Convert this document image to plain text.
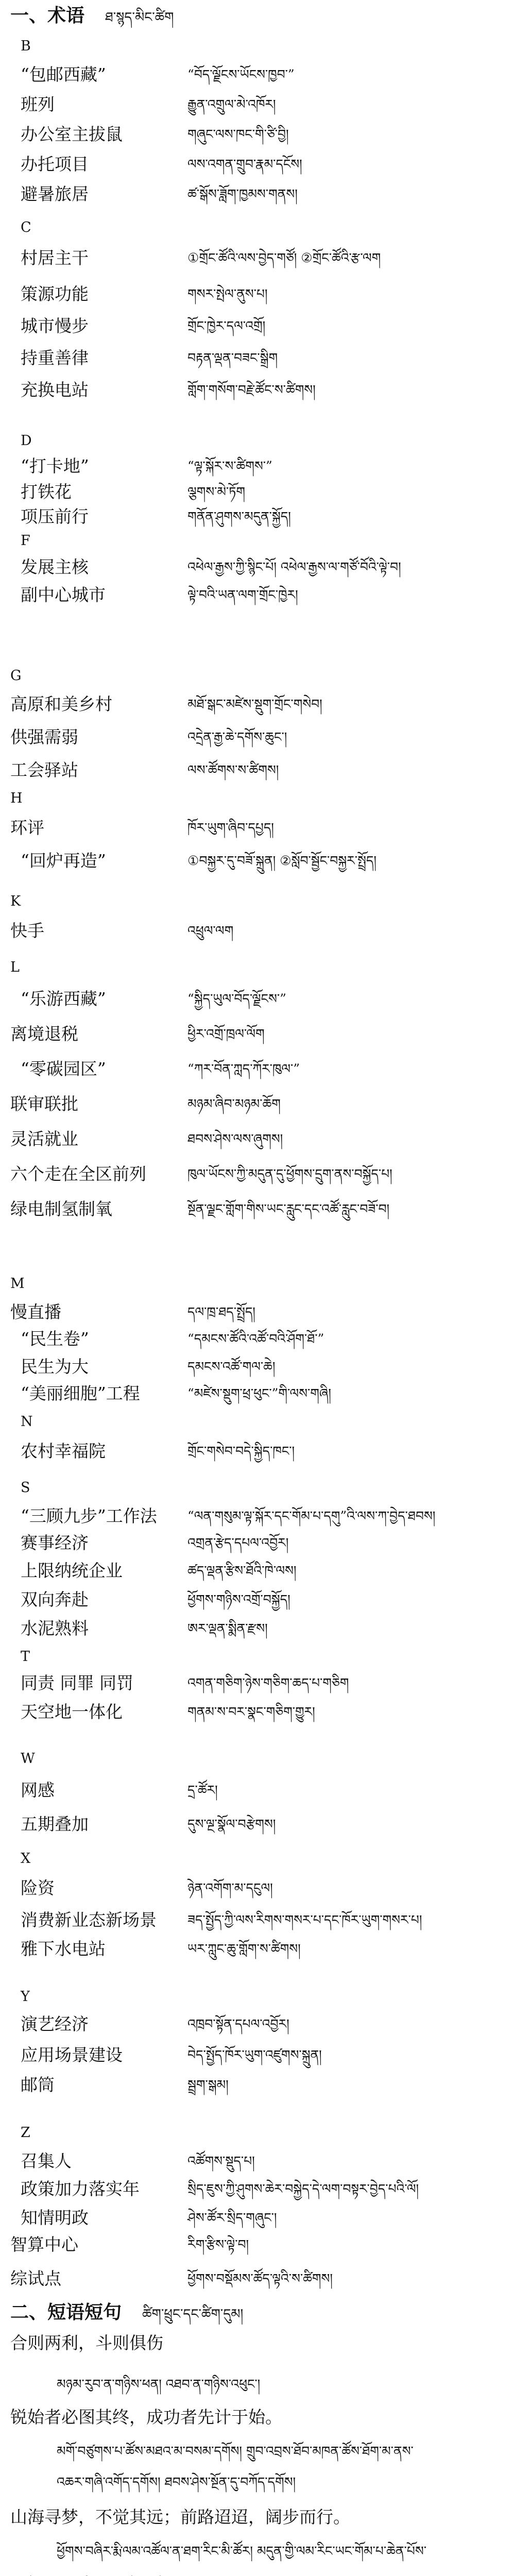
一、术语 ཐ་སྙད་མིང་ཚིག
B
C
D
F
G
H
K
L
M
N
S
T
W
X
Y
Z
“包邮西藏”	“བོད་ལྗོངས་ཡོངས་ཁྱབ་”
班列	རྒྱུན་འགྲུལ་མེ་འཁོར།
办公室主拔鼠	གཞུང་ལས་ཁང་གི་ཙི་བྱི།
办托项目	ལས་འགན་གྲུབ་རྣམ་དངོས།
避暑旅居	ཚ་སྒོས་ཟློག་ཁྱམས་གནས།
村居主干	①གྲོང་ཚོའི་ལས་བྱེད་གཙོ། ②གྲོང་ཚོའི་རྩ་ལག
策源功能	གསར་སྤེལ་ནུས་པ།
城市慢步	གྲོང་ཁྱེར་དལ་འགྲོ།
持重善律	བརྟན་ལྡན་བཟང་སྒྲིག
充换电站	གློག་གསོག་བརྗེ་ཚོང་ས་ཚིགས།
“打卡地”	“ལྟ་སྐོར་ས་ཚིགས་”
打铁花	ལྕགས་མེ་ཏོག
项压前行	གནོན་ཤུགས་མདུན་སྐྱོད།
发展主核	འཕེལ་རྒྱས་ཀྱི་སྙིང་པོ། འཕེལ་རྒྱས་ལ་གཙོ་བོའི་ལྟེ་བ།
副中心城市	ལྟེ་བའི་ཡན་ལག་གྲོང་ཁྱེར།
高原和美乡村	མཐོ་སྒང་མཛེས་སྡུག་གྲོང་གསེབ།
供强需弱	འདྲེན་རྒྱ་ཆེ་དགོས་ཆུང་།
工会驿站	ལས་ཚོགས་ས་ཚིགས།
环评	ཁོར་ཡུག་ཞིབ་དཔྱད།
“回炉再造”	①བསྐྱར་དུ་བཟོ་སྐྲུན། ②སློབ་སྦྱོང་བསྐྱར་སྤྲོད།
快手	འཕྲུལ་ལག
“乐游西藏”	“སྐྱིད་ཡུལ་བོད་ལྗོངས་”
离境退税	ཕྱིར་འགྲོ་ཁྲལ་ལོག
“零碳园区”	“ཀར་བོན་ཀླད་ཀོར་ཁུལ་”
联审联批	མཉམ་ཞིབ་མཉམ་ཆོག
灵活就业	ཐབས་ཤེས་ལས་ཞུགས།
六个走在全区前列	ཁུལ་ཡོངས་ཀྱི་མདུན་དུ་ཕྱོགས་དྲུག་ནས་བསྐྱོད་པ།
绿电制氢制氧	སྔོན་ལྗང་གློག་གིས་ཡང་རླུང་དང་འཚོ་རླུང་བཟོ་བ།
慢直播	དལ་ཁྲ་ཐད་སྤྲོད།
“民生卷”	“དམངས་ཚོའི་འཚོ་བའི་ཤོག་ཐོ་”
民生为大	དམངས་འཚོ་གལ་ཆེ།
“美丽细胞”工程	“མཛེས་སྡུག་ཕྲ་ཕུང་”གི་ལས་གཞི།
农村幸福院	གྲོང་གསེབ་བདེ་སྐྱིད་ཁང་།
“三顾九步”工作法 “ལན་གསུམ་ལྟ་སྐོར་དང་གོམ་པ་དགུ”འི་ལས་ཀ་བྱེད་ཐབས།
赛事经济	འགྲན་རྩེད་དཔལ་འབྱོར།
上限纳统企业	ཚད་ལྡན་རྩིས་ཐོའི་ཁེ་ལས།
双向奔赴	ཕྱོགས་གཉིས་འགྲོ་བསྐྱོད།
水泥熟料	ཨར་ལྡན་སྨིན་རྫས།
同责 同罪 同罚	འགན་གཅིག་ཉེས་གཅིག་ཆད་པ་གཅིག
天空地一体化	གནམ་ས་བར་སྣང་གཅིག་གྱུར།
网感	དྲ་ཚོར།
五期叠加	དུས་ལྔ་སྣོལ་བརྩེགས།
险资	ཉེན་འགོག་མ་དངུལ།
消费新业态新场景 ཟད་སྤྱོད་ཀྱི་ལས་རིགས་གསར་པ་དང་ཁོར་ཡུག་གསར་པ།
雅下水电站	ཡར་ཀླུང་ཆུ་གློག་ས་ཚིགས།
演艺经济	འཁྲབ་སྟོན་དཔལ་འབྱོར།
应用场景建设	བེད་སྤྱོད་ཁོར་ཡུག་འཛུགས་སྐྲུན།
邮筒	སྦྲག་སྒམ།
召集人	འཚོགས་སྡུད་པ།
政策加力落实年	སྲིད་ཇུས་ཀྱི་ཤུགས་ཆེར་བསྐྱེད་དེ་ལག་བསྟར་བྱེད་པའི་ལོ།
知情明政	ཤེས་ཚོར་སྲིད་གཞུང་།
智算中心	རིག་རྩིས་ལྟེ་བ།
综试点	ཕྱོགས་བསྡོམས་ཚོད་ལྟའི་ས་ཚིགས།
二、短语短句 ཚིག་ཕྲུང་དང་ཚིག་དུམ།
合则两利，斗则俱伤
མཉམ་རུབ་ན་གཉིས་ཕན། འཐབ་ན་གཉིས་འཕུང་།
锐始者必图其终，成功者先计于始。
མགོ་བཙུགས་པ་ཚོས་མཐའ་མ་བསམ་དགོས། གྲུབ་འབྲས་ཐོབ་མཁན་ཚོས་ཐོག་མ་ནས་
འཆར་གཞི་འགོད་དགོས། ཐབས་ཤེས་སྔོན་དུ་བཀོད་དགོས།
山海寻梦，不觉其远；前路迢迢，阔步而行。
ཕྱོགས་བཞིར་རྨི་ལམ་འཚོལ་ན་ཐག་རིང་མི་ཚོར། མདུན་གྱི་ལམ་རིང་ཡང་གོམ་པ་ཆེན་པོས་
